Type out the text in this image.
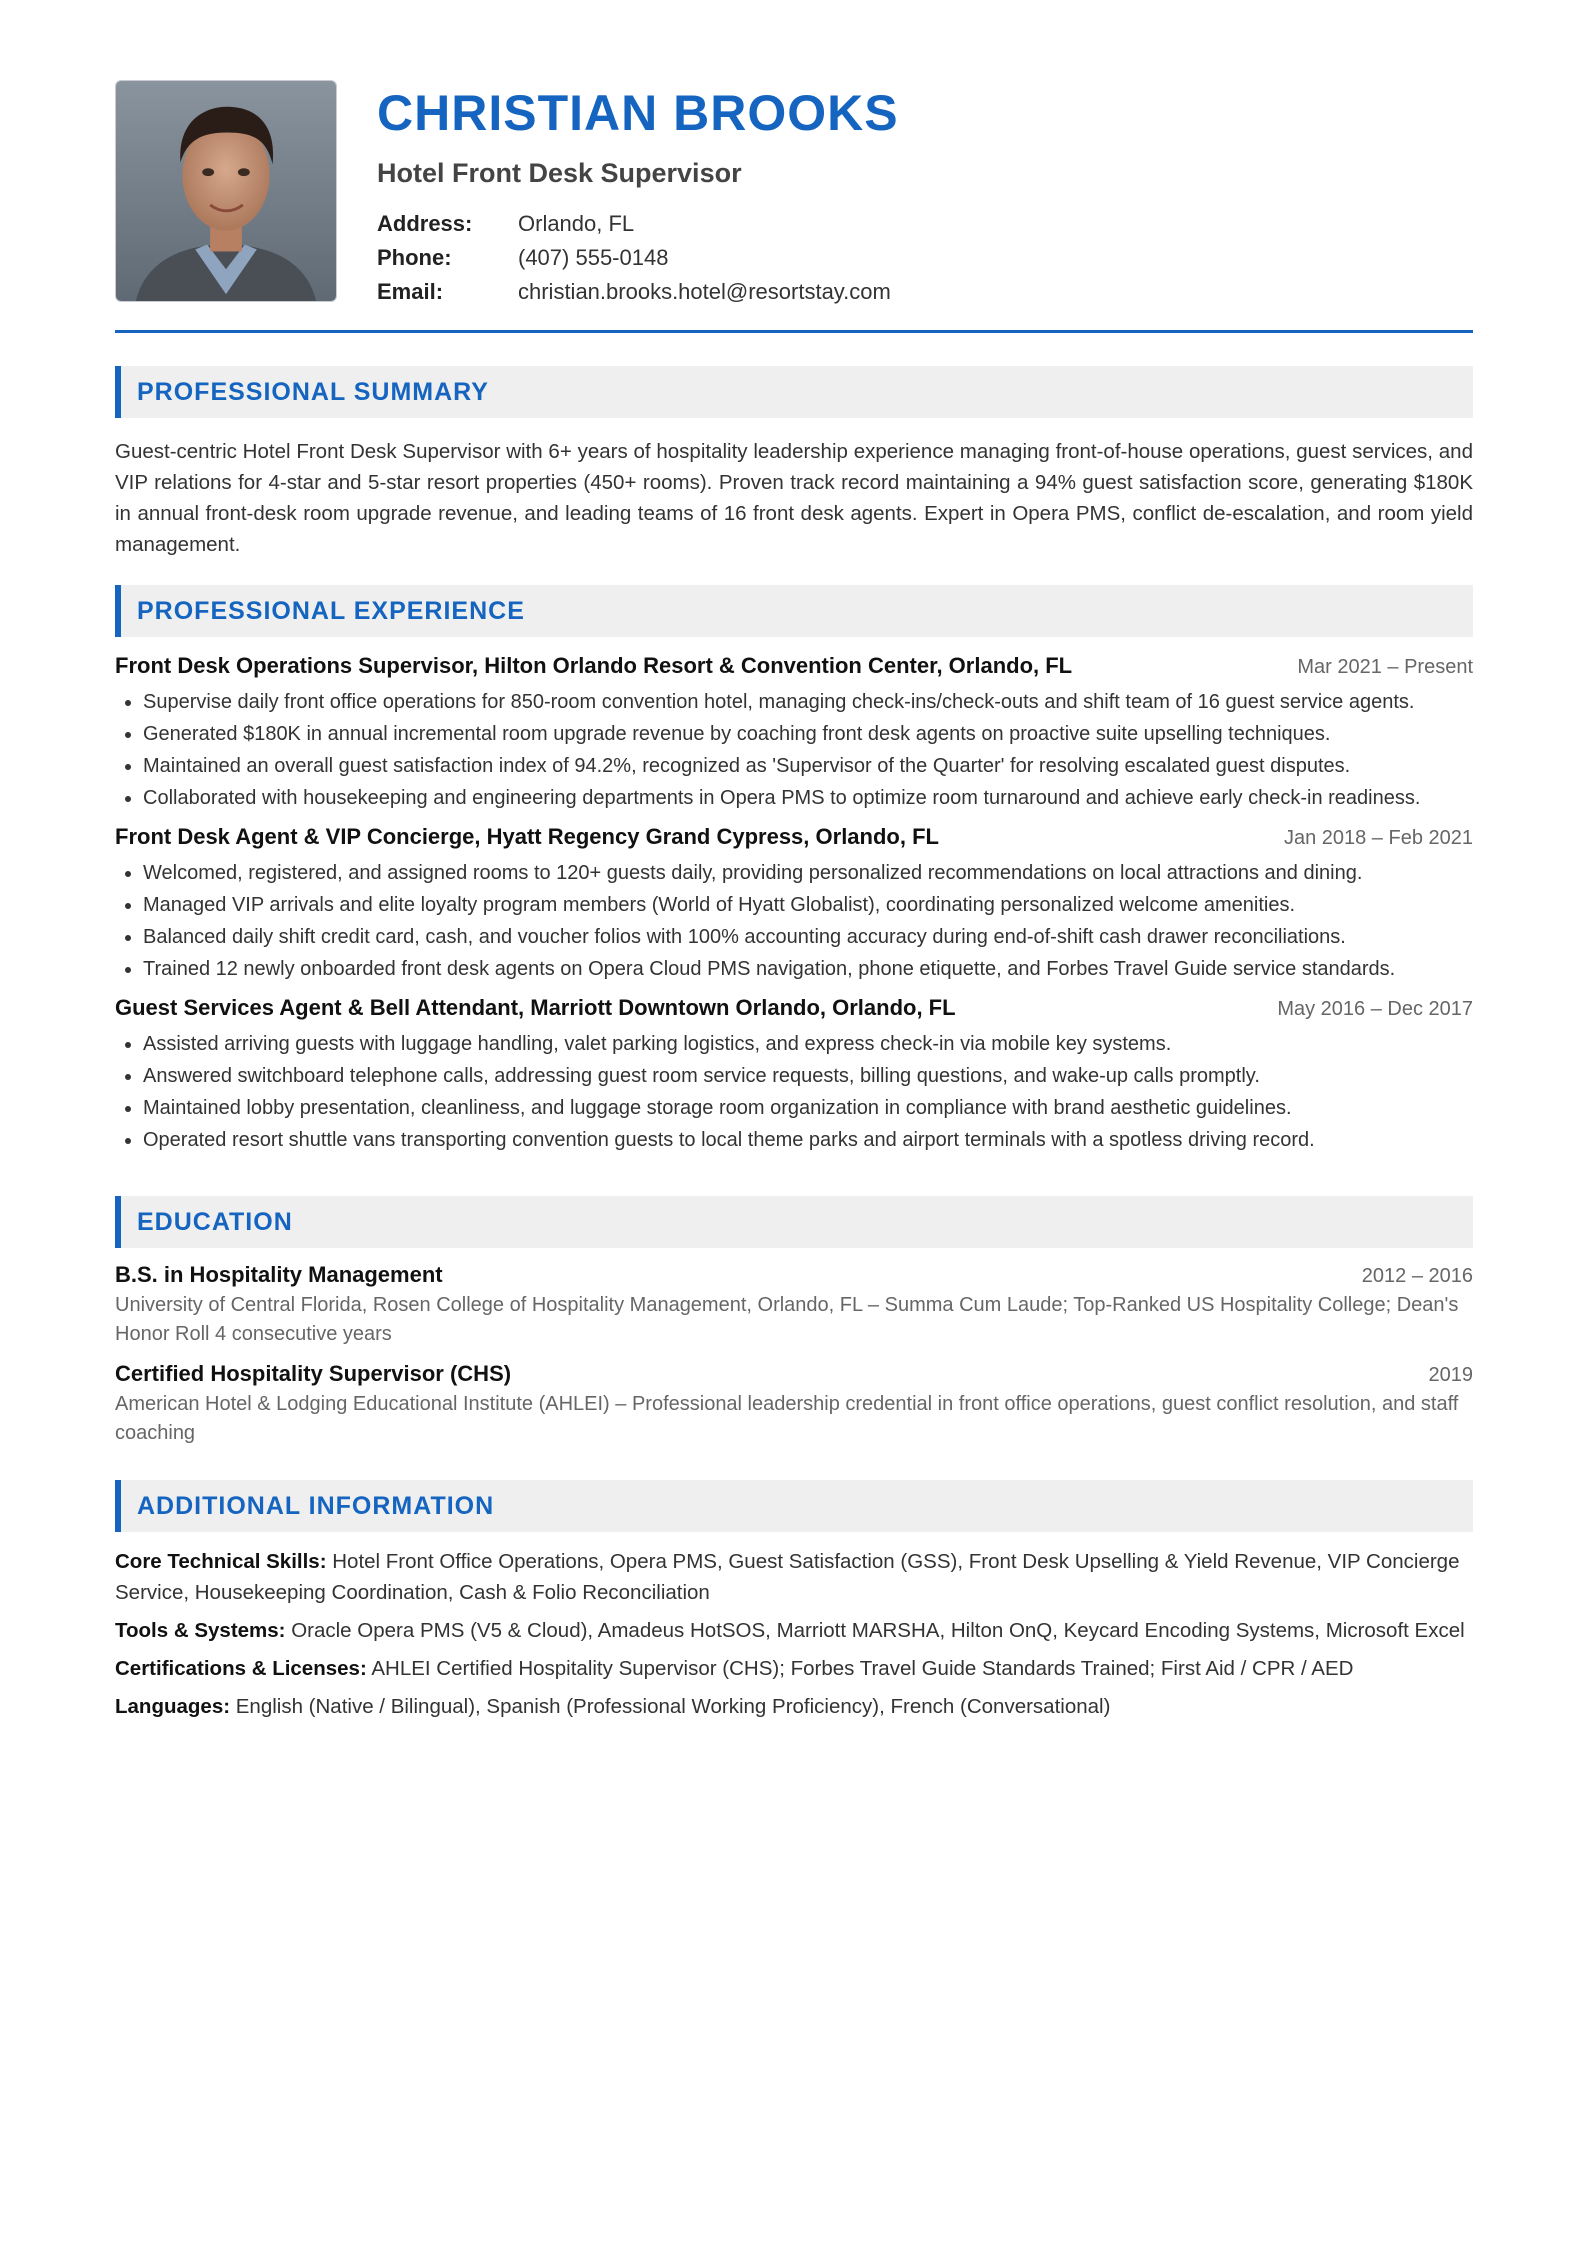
CHRISTIAN BROOKS
Hotel Front Desk Supervisor
Address:	Orlando, FL
Phone:	(407) 555-0148
Email:	christian.brooks.hotel@resortstay.com
PROFESSIONAL SUMMARY
Guest-centric Hotel Front Desk Supervisor with 6+ years of hospitality leadership experience managing front-of-house operations, guest services, and VIP relations for 4-star and 5-star resort properties (450+ rooms). Proven track record maintaining a 94% guest satisfaction score, generating $180K in annual front-desk room upgrade revenue, and leading teams of 16 front desk agents. Expert in Opera PMS, conflict de-escalation, and room yield management.
PROFESSIONAL EXPERIENCE
Front Desk Operations Supervisor, Hilton Orlando Resort & Convention Center, Orlando, FL	Mar 2021 – Present
• Supervise daily front office operations for 850-room convention hotel, managing check-ins/check-outs and shift team of 16 guest service agents.
• Generated $180K in annual incremental room upgrade revenue by coaching front desk agents on proactive suite upselling techniques.
• Maintained an overall guest satisfaction index of 94.2%, recognized as 'Supervisor of the Quarter' for resolving escalated guest disputes.
• Collaborated with housekeeping and engineering departments in Opera PMS to optimize room turnaround and achieve early check-in readiness.
Front Desk Agent & VIP Concierge, Hyatt Regency Grand Cypress, Orlando, FL	Jan 2018 – Feb 2021
• Welcomed, registered, and assigned rooms to 120+ guests daily, providing personalized recommendations on local attractions and dining.
• Managed VIP arrivals and elite loyalty program members (World of Hyatt Globalist), coordinating personalized welcome amenities.
• Balanced daily shift credit card, cash, and voucher folios with 100% accounting accuracy during end-of-shift cash drawer reconciliations.
• Trained 12 newly onboarded front desk agents on Opera Cloud PMS navigation, phone etiquette, and Forbes Travel Guide service standards.
Guest Services Agent & Bell Attendant, Marriott Downtown Orlando, Orlando, FL	May 2016 – Dec 2017
• Assisted arriving guests with luggage handling, valet parking logistics, and express check-in via mobile key systems.
• Answered switchboard telephone calls, addressing guest room service requests, billing questions, and wake-up calls promptly.
• Maintained lobby presentation, cleanliness, and luggage storage room organization in compliance with brand aesthetic guidelines.
• Operated resort shuttle vans transporting convention guests to local theme parks and airport terminals with a spotless driving record.
EDUCATION
B.S. in Hospitality Management	2012 – 2016
University of Central Florida, Rosen College of Hospitality Management, Orlando, FL – Summa Cum Laude; Top-Ranked US Hospitality College; Dean's Honor Roll 4 consecutive years
Certified Hospitality Supervisor (CHS)	2019
American Hotel & Lodging Educational Institute (AHLEI) – Professional leadership credential in front office operations, guest conflict resolution, and staff coaching
ADDITIONAL INFORMATION
Core Technical Skills: Hotel Front Office Operations, Opera PMS, Guest Satisfaction (GSS), Front Desk Upselling & Yield Revenue, VIP Concierge Service, Housekeeping Coordination, Cash & Folio Reconciliation
Tools & Systems: Oracle Opera PMS (V5 & Cloud), Amadeus HotSOS, Marriott MARSHA, Hilton OnQ, Keycard Encoding Systems, Microsoft Excel
Certifications & Licenses: AHLEI Certified Hospitality Supervisor (CHS); Forbes Travel Guide Standards Trained; First Aid / CPR / AED
Languages: English (Native / Bilingual), Spanish (Professional Working Proficiency), French (Conversational)
